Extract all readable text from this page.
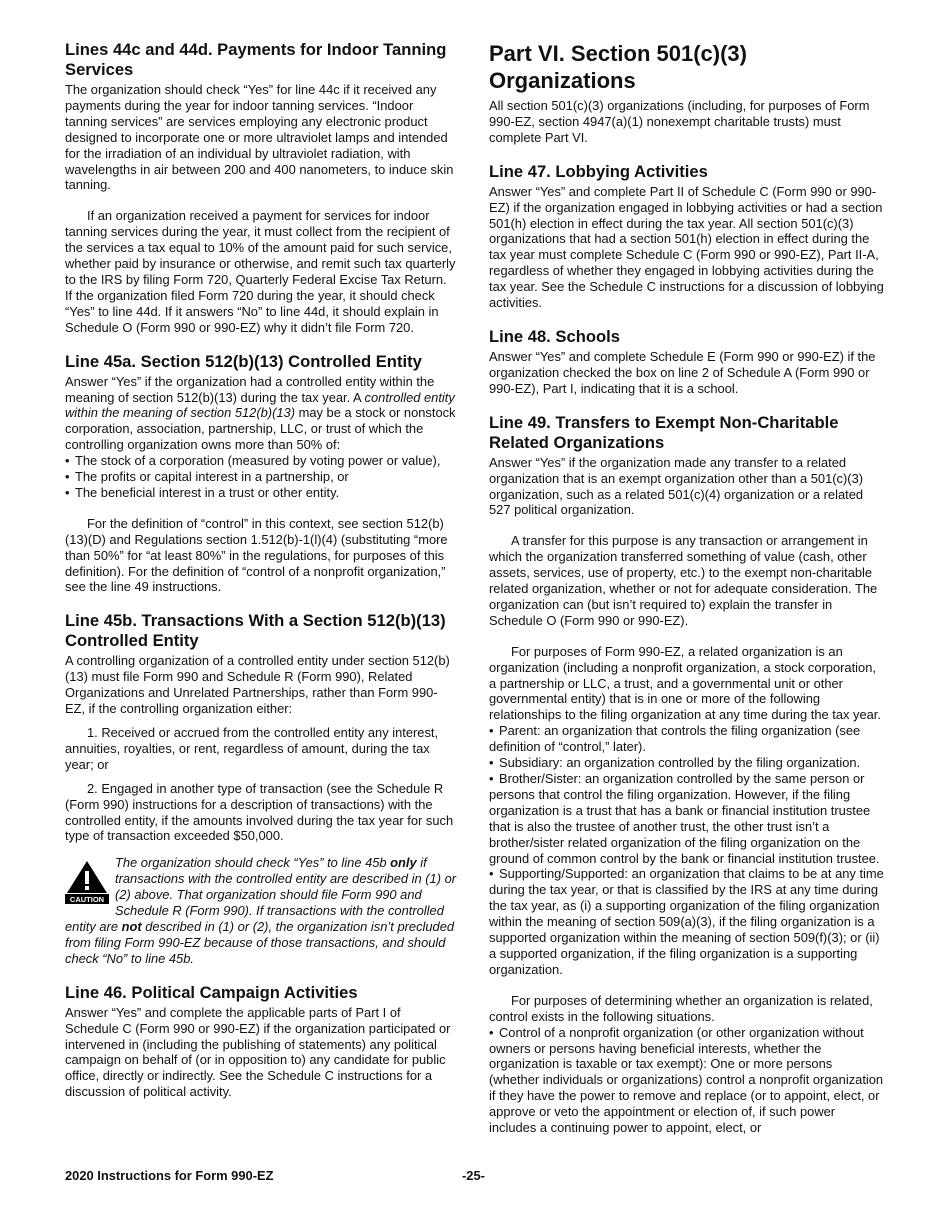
Lines 44c and 44d. Payments for Indoor Tanning Services

The organization should check “Yes” for line 44c if it received any payments during the year for indoor tanning services. “Indoor tanning services” are services employing any electronic product designed to incorporate one or more ultraviolet lamps and intended for the irradiation of an individual by ultraviolet radiation, with wavelengths in air between 200 and 400 nanometers, to induce skin tanning.

If an organization received a payment for services for indoor tanning services during the year, it must collect from the recipient of the services a tax equal to 10% of the amount paid for such service, whether paid by insurance or otherwise, and remit such tax quarterly to the IRS by filing Form 720, Quarterly Federal Excise Tax Return. If the organization filed Form 720 during the year, it should check “Yes” to line 44d. If it answers “No” to line 44d, it should explain in Schedule O (Form 990 or 990-EZ) why it didn’t file Form 720.

Line 45a. Section 512(b)(13) Controlled Entity

Answer “Yes” if the organization had a controlled entity within the meaning of section 512(b)(13) during the tax year. A controlled entity within the meaning of section 512(b)(13) may be a stock or nonstock corporation, association, partnership, LLC, or trust of which the controlling organization owns more than 50% of:

• The stock of a corporation (measured by voting power or value),
• The profits or capital interest in a partnership, or
• The beneficial interest in a trust or other entity.

For the definition of “control” in this context, see section 512(b)(13)(D) and Regulations section 1.512(b)-1(l)(4) (substituting “more than 50%” for “at least 80%” in the regulations, for purposes of this definition). For the definition of “control of a nonprofit organization,” see the line 49 instructions.

Line 45b. Transactions With a Section 512(b)(13) Controlled Entity

A controlling organization of a controlled entity under section 512(b)(13) must file Form 990 and Schedule R (Form 990), Related Organizations and Unrelated Partnerships, rather than Form 990-EZ, if the controlling organization either:

1. Received or accrued from the controlled entity any interest, annuities, royalties, or rent, regardless of amount, during the tax year; or

2. Engaged in another type of transaction (see the Schedule R (Form 990) instructions for a description of transactions) with the controlled entity, if the amounts involved during the tax year for such type of transaction exceeded $50,000.

CAUTION

The organization should check “Yes” to line 45b only if transactions with the controlled entity are described in (1) or (2) above. That organization should file Form 990 and Schedule R (Form 990). If transactions with the controlled entity are not described in (1) or (2), the organization isn’t precluded from filing Form 990-EZ because of those transactions, and should check “No” to line 45b.

Line 46. Political Campaign Activities

Answer “Yes” and complete the applicable parts of Part I of Schedule C (Form 990 or 990-EZ) if the organization participated or intervened in (including the publishing of statements) any political campaign on behalf of (or in opposition to) any candidate for public office, directly or indirectly. See the Schedule C instructions for a discussion of political activity.

Part VI. Section 501(c)(3) Organizations

All section 501(c)(3) organizations (including, for purposes of Form 990-EZ, section 4947(a)(1) nonexempt charitable trusts) must complete Part VI.

Line 47. Lobbying Activities

Answer “Yes” and complete Part II of Schedule C (Form 990 or 990-EZ) if the organization engaged in lobbying activities or had a section 501(h) election in effect during the tax year. All section 501(c)(3) organizations that had a section 501(h) election in effect during the tax year must complete Schedule C (Form 990 or 990-EZ), Part II-A, regardless of whether they engaged in lobbying activities during the tax year. See the Schedule C instructions for a discussion of lobbying activities.

Line 48. Schools

Answer “Yes” and complete Schedule E (Form 990 or 990-EZ) if the organization checked the box on line 2 of Schedule A (Form 990 or 990-EZ), Part I, indicating that it is a school.

Line 49. Transfers to Exempt Non-Charitable Related Organizations

Answer “Yes” if the organization made any transfer to a related organization that is an exempt organization other than a 501(c)(3) organization, such as a related 501(c)(4) organization or a related 527 political organization.

A transfer for this purpose is any transaction or arrangement in which the organization transferred something of value (cash, other assets, services, use of property, etc.) to the exempt non-charitable related organization, whether or not for adequate consideration. The organization can (but isn’t required to) explain the transfer in Schedule O (Form 990 or 990-EZ).

For purposes of Form 990-EZ, a related organization is an organization (including a nonprofit organization, a stock corporation, a partnership or LLC, a trust, and a governmental unit or other governmental entity) that is in one or more of the following relationships to the filing organization at any time during the tax year.

• Parent: an organization that controls the filing organization (see definition of “control,” later).
• Subsidiary: an organization controlled by the filing organization.
• Brother/Sister: an organization controlled by the same person or persons that control the filing organization. However, if the filing organization is a trust that has a bank or financial institution trustee that is also the trustee of another trust, the other trust isn’t a brother/sister related organization of the filing organization on the ground of common control by the bank or financial institution trustee.
• Supporting/Supported: an organization that claims to be at any time during the tax year, or that is classified by the IRS at any time during the tax year, as (i) a supporting organization of the filing organization within the meaning of section 509(a)(3), if the filing organization is a supported organization within the meaning of section 509(f)(3); or (ii) a supported organization, if the filing organization is a supporting organization.

For purposes of determining whether an organization is related, control exists in the following situations.

• Control of a nonprofit organization (or other organization without owners or persons having beneficial interests, whether the organization is taxable or tax exempt): One or more persons (whether individuals or organizations) control a nonprofit organization if they have the power to remove and replace (or to appoint, elect, or approve or veto the appointment or election of, if such power includes a continuing power to appoint, elect, or
2020 Instructions for Form 990-EZ	-25-
